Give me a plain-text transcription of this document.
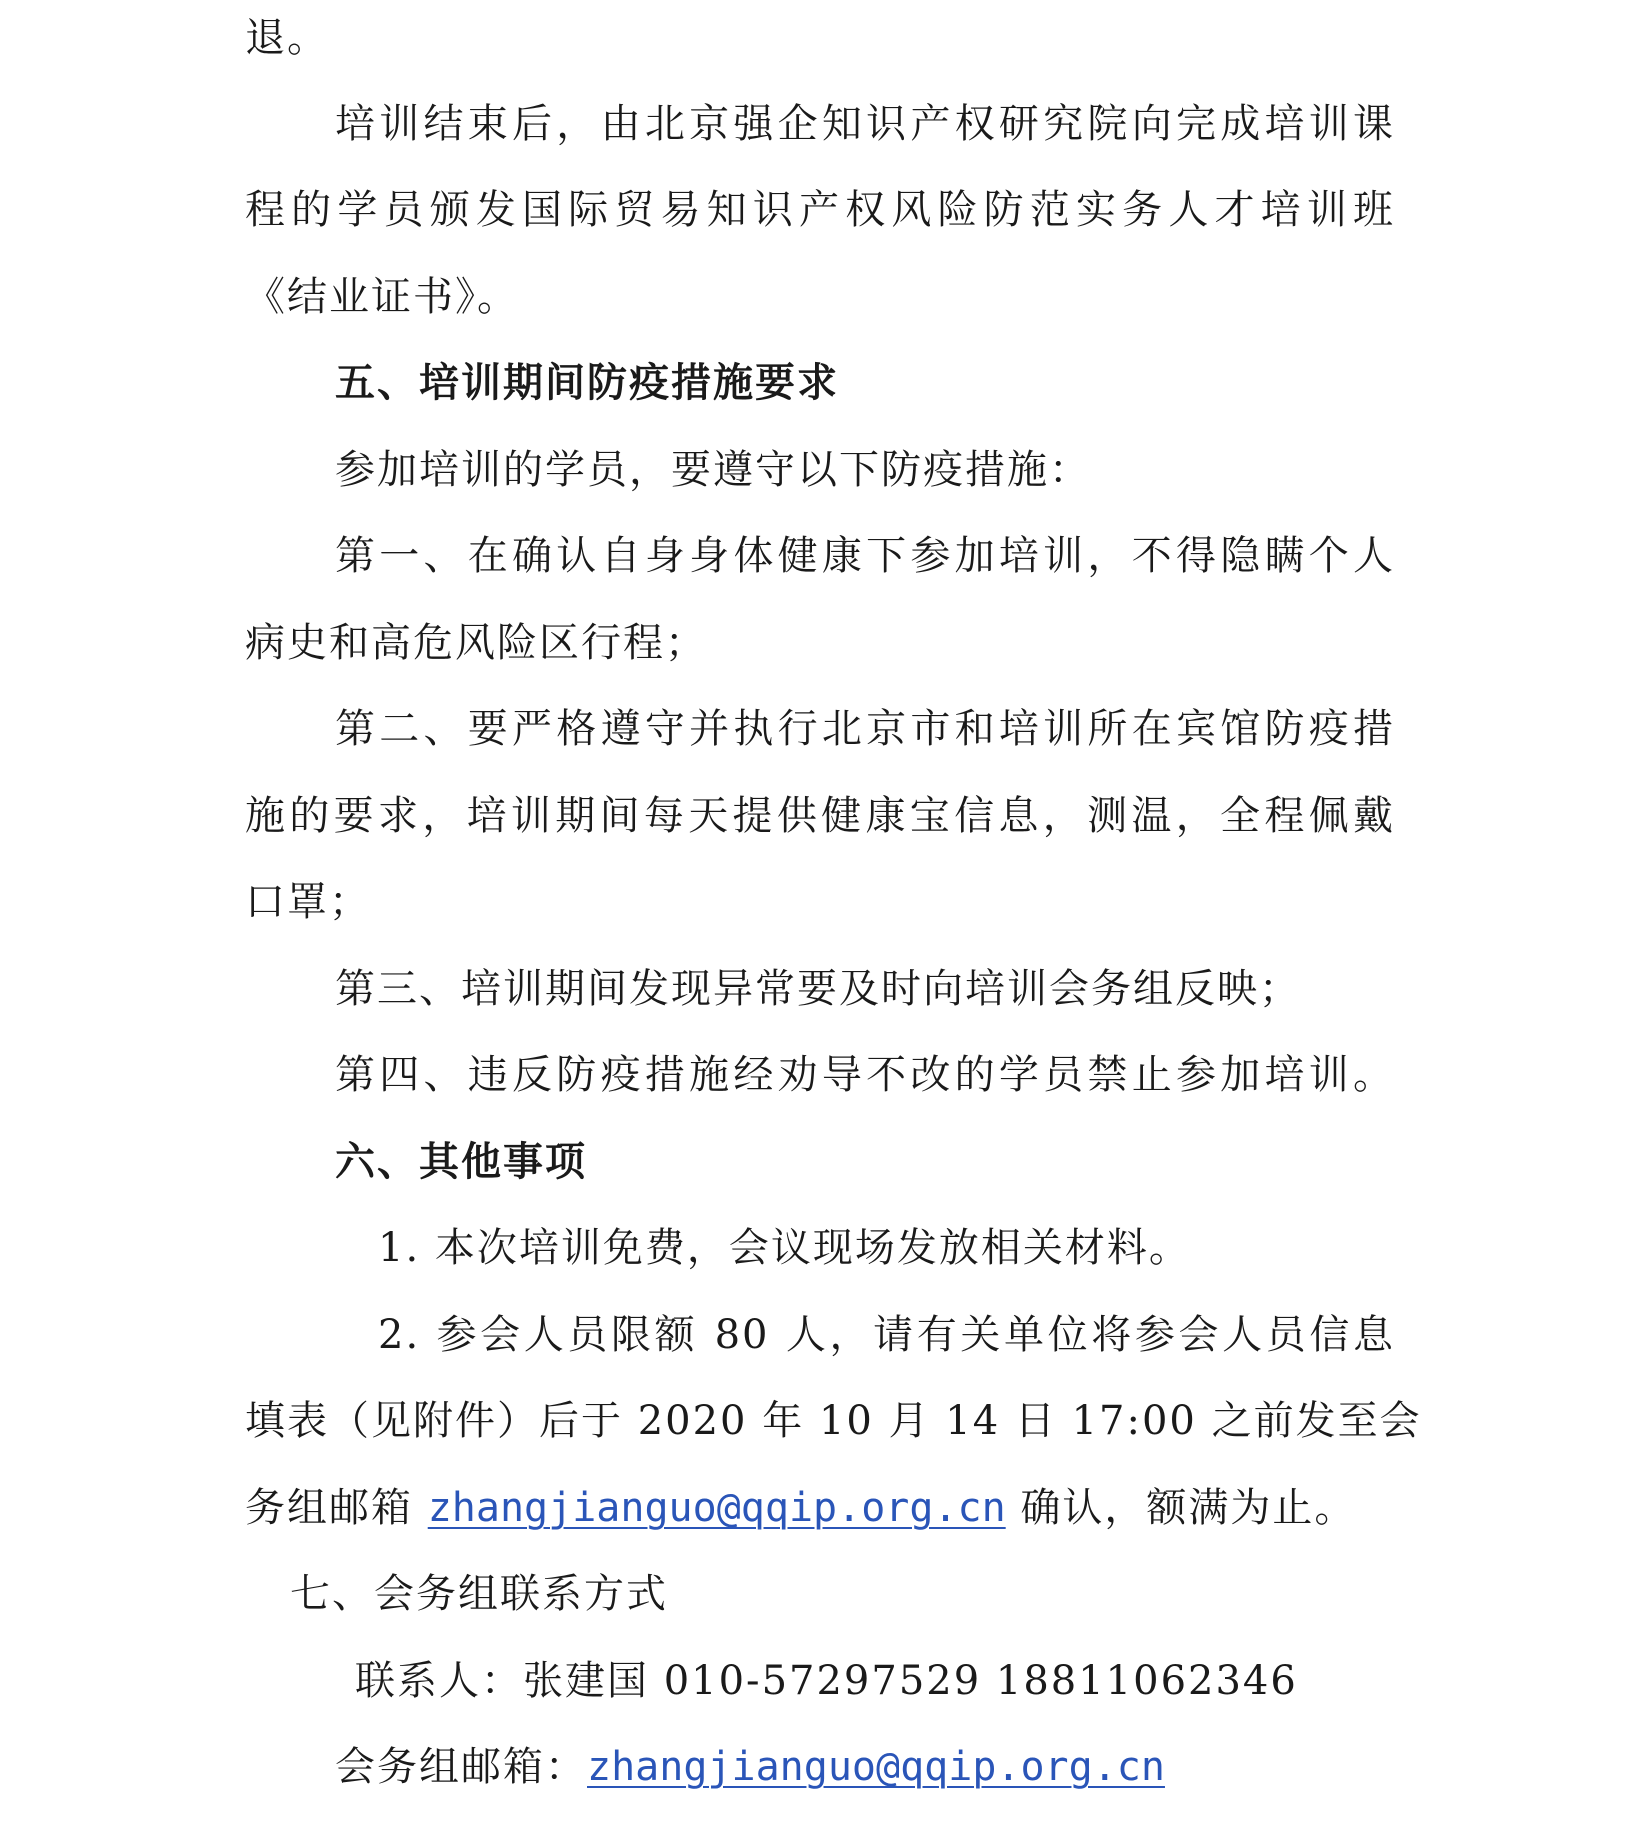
退。
培训结束后，由北京强企知识产权研究院向完成培训课
程的学员颁发国际贸易知识产权风险防范实务人才培训班
《结业证书》。
五、培训期间防疫措施要求
参加培训的学员，要遵守以下防疫措施：
第一、在确认自身身体健康下参加培训，不得隐瞒个人
病史和高危风险区行程；
第二、要严格遵守并执行北京市和培训所在宾馆防疫措
施的要求，培训期间每天提供健康宝信息，测温，全程佩戴
口罩；
第三、培训期间发现异常要及时向培训会务组反映；
第四、违反防疫措施经劝导不改的学员禁止参加培训。
六、其他事项
1. 本次培训免费，会议现场发放相关材料。
2. 参会人员限额 80 人，请有关单位将参会人员信息
填表（见附件）后于 2020 年 10 月 14 日 17:00 之前发至会
务组邮箱 zhangjianguo@qqip.org.cn 确认，额满为止。
七、会务组联系方式
联系人：张建国 010-57297529 18811062346
会务组邮箱：zhangjianguo@qqip.org.cn
